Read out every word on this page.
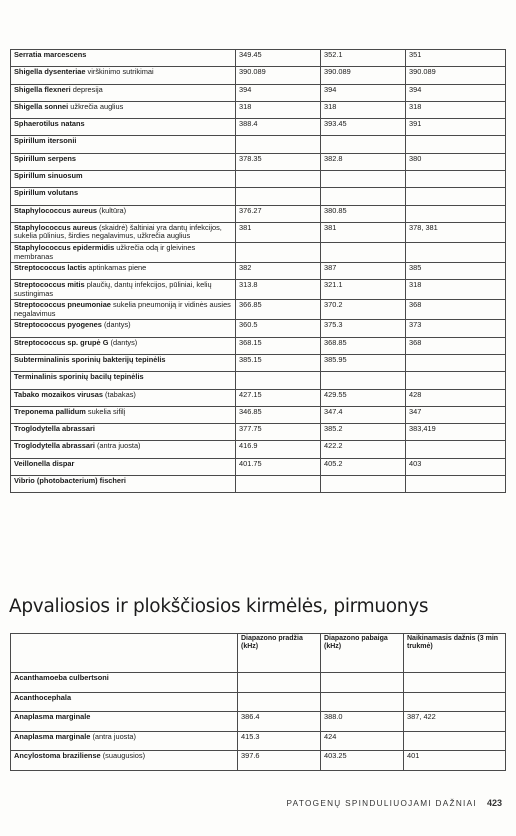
Serratia marcescens	349.45	352.1	351
Shigella dysenteriae virškinimo sutrikimai	390.089	390.089	390.089
Shigella flexneri depresija	394	394	394
Shigella sonnei užkrečia auglius	318	318	318
Sphaerotilus natans	388.4	393.45	391
Spirillum itersonii			
Spirillum serpens	378.35	382.8	380
Spirillum sinuosum			
Spirillum volutans			
Staphylococcus aureus (kultūra)	376.27	380.85	
Staphylococcus aureus (skaidrė) šaltiniai yra dantų infekcijos, sukelia pūlinius, širdies negalavimus, užkrečia auglius	381	381	378, 381
Staphylococcus epidermidis užkrečia odą ir gleivines membranas			
Streptococcus lactis aptinkamas piene	382	387	385
Streptococcus mitis plaučių, dantų infekcijos, pūliniai, kelių sustingimas	313.8	321.1	318
Streptococcus pneumoniae sukelia pneumoniją ir vidinės ausies negalavimus	366.85	370.2	368
Streptococcus pyogenes (dantys)	360.5	375.3	373
Streptococcus sp. grupė G (dantys)	368.15	368.85	368
Subterminalinis sporinių bakterijų tepinėlis	385.15	385.95	
Terminalinis sporinių bacilų tepinėlis			
Tabako mozaikos virusas (tabakas)	427.15	429.55	428
Treponema pallidum sukelia sifilį	346.85	347.4	347
Troglodytella abrassari	377.75	385.2	383,419
Troglodytella abrassari (antra juosta)	416.9	422.2	
Veillonella dispar	401.75	405.2	403
Vibrio (photobacterium) fischeri			
Apvaliosios ir plokščiosios kirmėlės, pirmuonys
	Diapazono pradžia (kHz)	Diapazono pabaiga (kHz)	Naikinamasis dažnis (3 min trukmė)
Acanthamoeba culbertsoni			
Acanthocephala			
Anaplasma marginale	386.4	388.0	387, 422
Anaplasma marginale (antra juosta)	415.3	424	
Ancylostoma braziliense (suaugusios)	397.6	403.25	401
PATOGENŲ SPINDULIUOJAMI DAŽNIAI 423
